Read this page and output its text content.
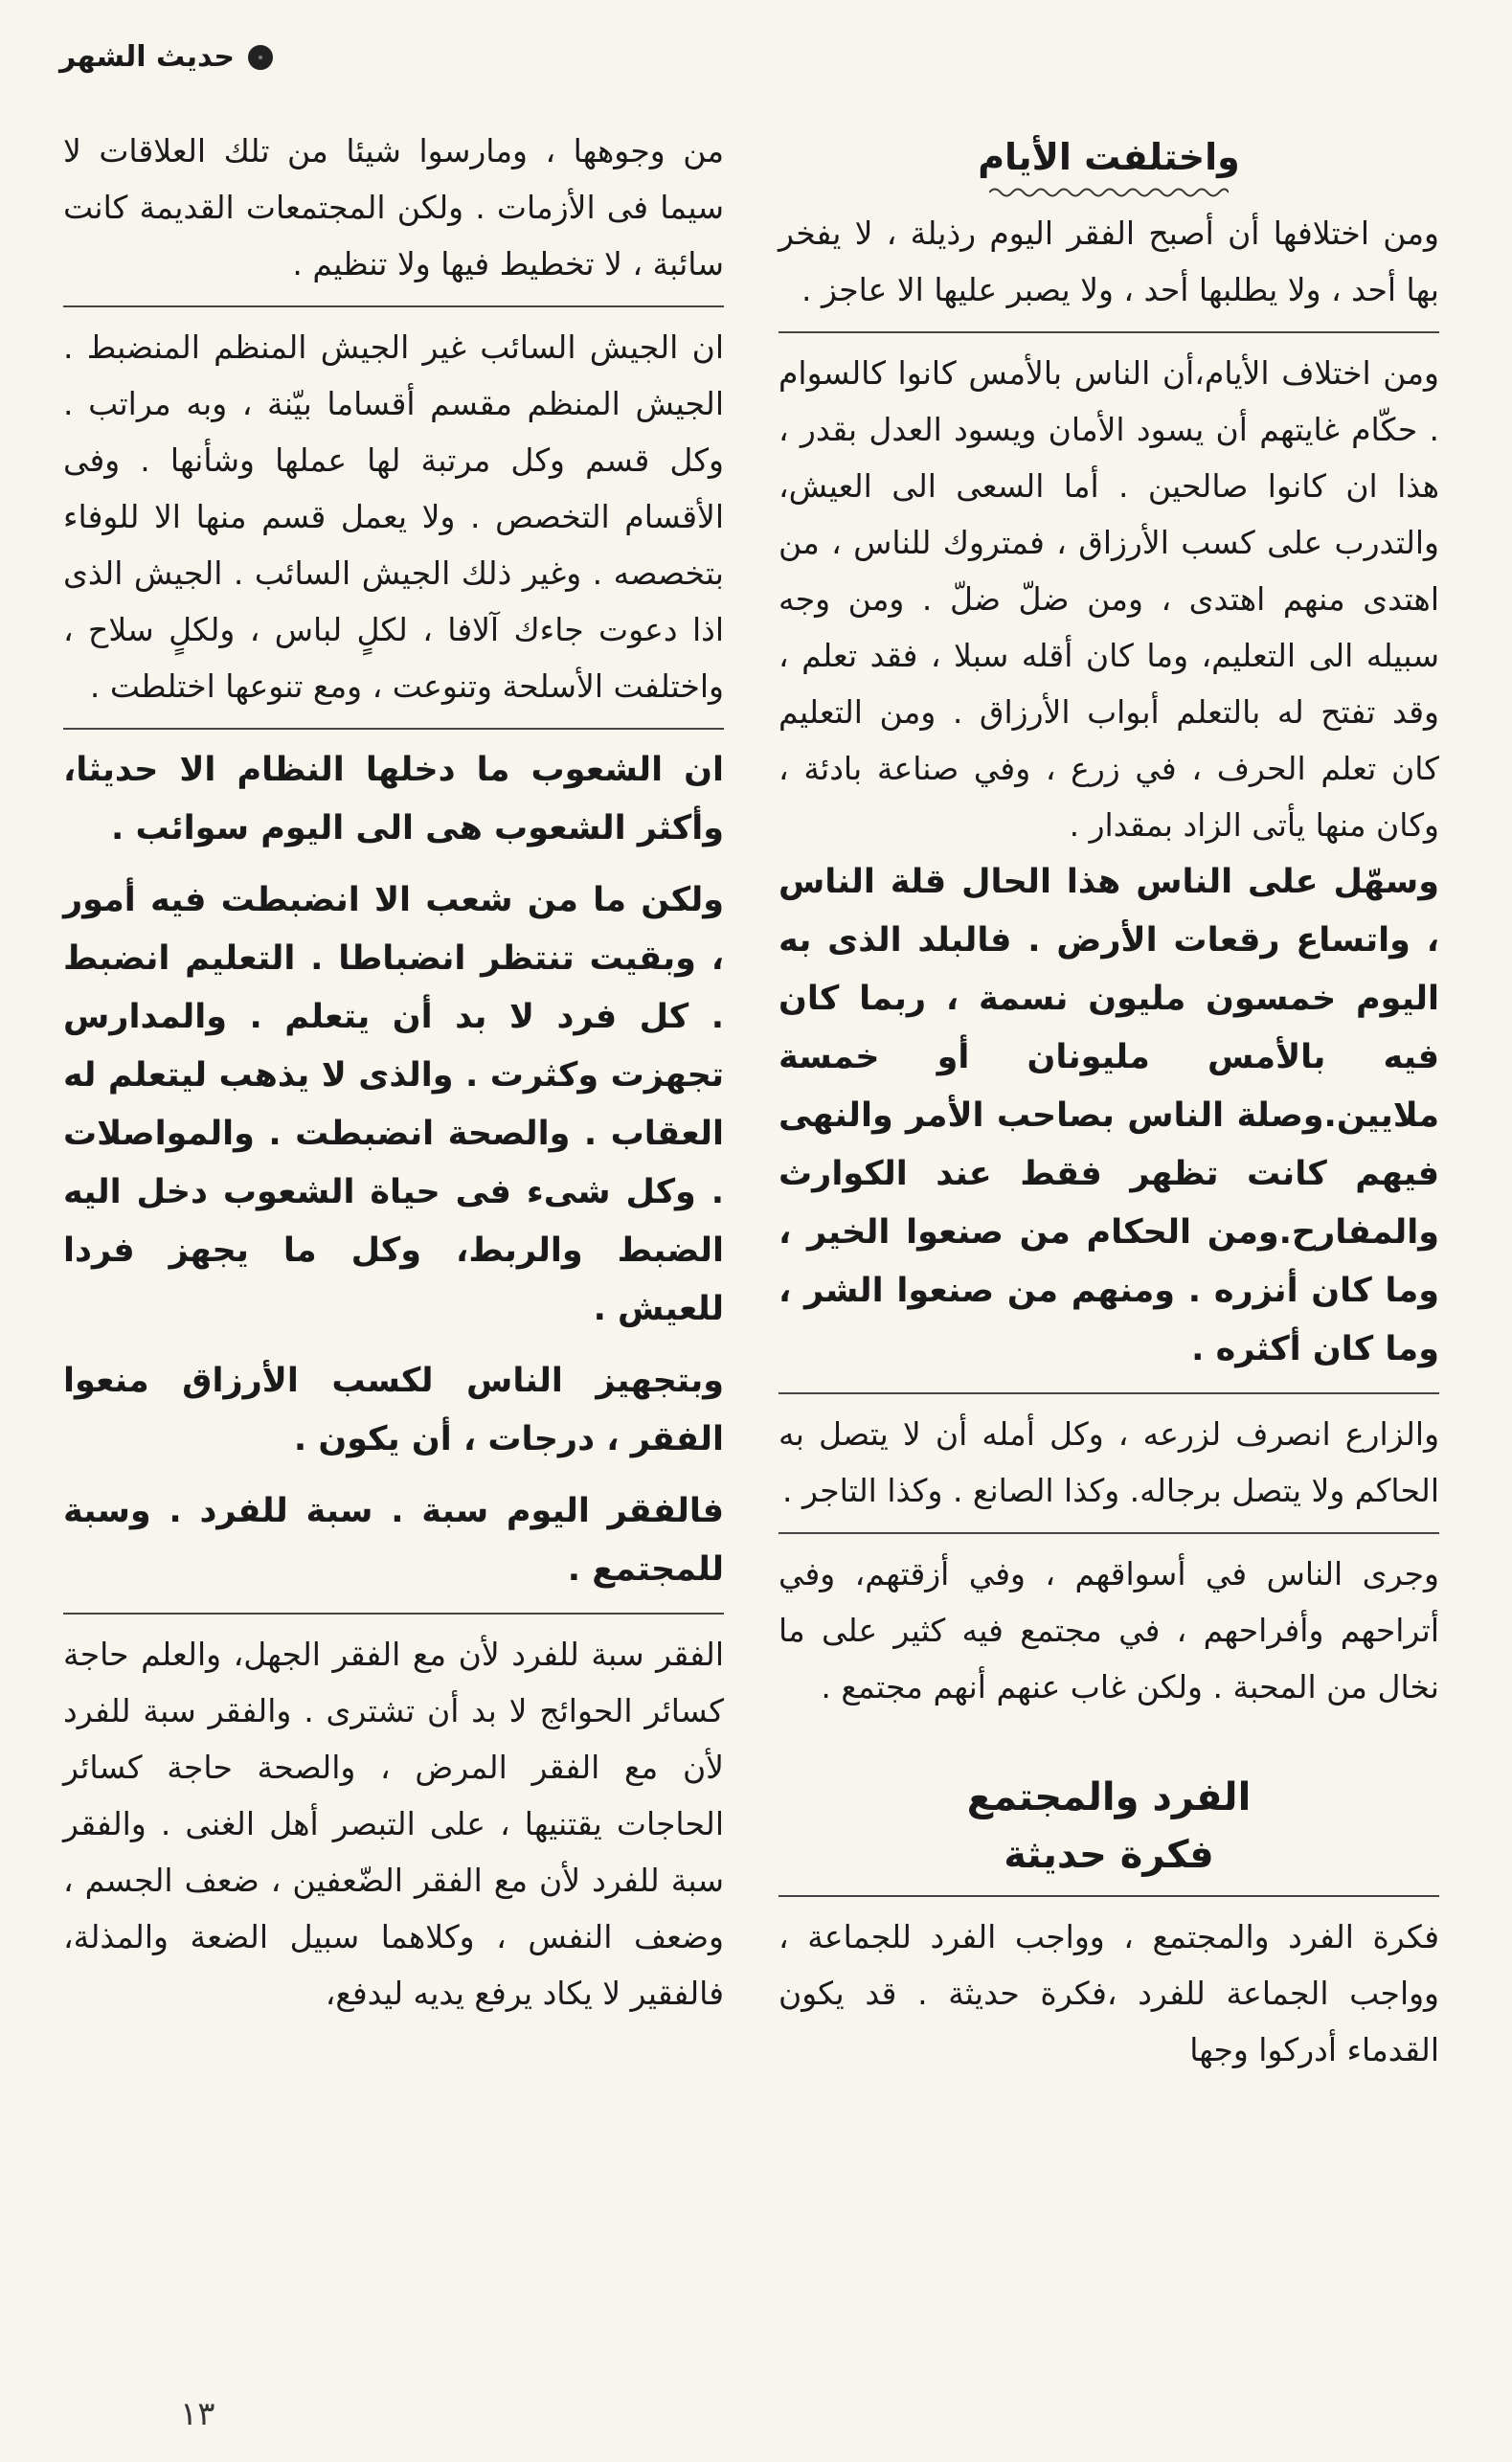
حديث الشهر
واختلفت الأيام

ومن اختلافها أن أصبح الفقر اليوم رذيلة ، لا يفخر بها أحد ، ولا يطلبها أحد ، ولا يصبر عليها الا عاجز .

ومن اختلاف الأيام،أن الناس بالأمس كانوا كالسوام . حكّام غايتهم أن يسود الأمان ويسود العدل بقدر ، هذا ان كانوا صالحين . أما السعى الى العيش، والتدرب على كسب الأرزاق ، فمتروك للناس ، من اهتدى منهم اهتدى ، ومن ضلّ ضلّ . ومن وجه سبيله الى التعليم، وما كان أقله سبلا ، فقد تعلم ، وقد تفتح له بالتعلم أبواب الأرزاق . ومن التعليم كان تعلم الحرف ، في زرع ، وفي صناعة بادئة ، وكان منها يأتى الزاد بمقدار .

وسهّل على الناس هذا الحال قلة الناس ، واتساع رقعات الأرض . فالبلد الذى به اليوم خمسون مليون نسمة ، ربما كان فيه بالأمس مليونان أو خمسة ملايين.وصلة الناس بصاحب الأمر والنهى فيهم كانت تظهر فقط عند الكوارث والمفارح.ومن الحكام من صنعوا الخير ، وما كان أنزره . ومنهم من صنعوا الشر ، وما كان أكثره .

والزارع انصرف لزرعه ، وكل أمله أن لا يتصل به الحاكم ولا يتصل برجاله. وكذا الصانع . وكذا التاجر .

وجرى الناس في أسواقهم ، وفي أزقتهم، وفي أتراحهم وأفراحهم ، في مجتمع فيه كثير على ما نخال من المحبة . ولكن غاب عنهم أنهم مجتمع .

الفرد والمجتمع
فكرة حديثة

فكرة الفرد والمجتمع ، وواجب الفرد للجماعة ، وواجب الجماعة للفرد ،فكرة حديثة . قد يكون القدماء أدركوا وجها

من وجوهها ، ومارسوا شيئا من تلك العلاقات لا سيما فى الأزمات . ولكن المجتمعات القديمة كانت سائبة ، لا تخطيط فيها ولا تنظيم .

ان الجيش السائب غير الجيش المنظم المنضبط . الجيش المنظم مقسم أقساما بيّنة ، وبه مراتب . وكل قسم وكل مرتبة لها عملها وشأنها . وفى الأقسام التخصص . ولا يعمل قسم منها الا للوفاء بتخصصه . وغير ذلك الجيش السائب . الجيش الذى اذا دعوت جاءك آلافا ، لكلٍ لباس ، ولكلٍ سلاح ، واختلفت الأسلحة وتنوعت ، ومع تنوعها اختلطت .

ان الشعوب ما دخلها النظام الا حديثا، وأكثر الشعوب هى الى اليوم سوائب .

ولكن ما من شعب الا انضبطت فيه أمور ، وبقيت تنتظر انضباطا . التعليم انضبط . كل فرد لا بد أن يتعلم . والمدارس تجهزت وكثرت . والذى لا يذهب ليتعلم له العقاب . والصحة انضبطت . والمواصلات . وكل شىء فى حياة الشعوب دخل اليه الضبط والربط، وكل ما يجهز فردا للعيش .

وبتجهيز الناس لكسب الأرزاق منعوا الفقر ، درجات ، أن يكون .

فالفقر اليوم سبة . سبة للفرد . وسبة للمجتمع .

الفقر سبة للفرد لأن مع الفقر الجهل، والعلم حاجة كسائر الحوائج لا بد أن تشترى . والفقر سبة للفرد لأن مع الفقر المرض ، والصحة حاجة كسائر الحاجات يقتنيها ، على التبصر أهل الغنى . والفقر سبة للفرد لأن مع الفقر الضّعفين ، ضعف الجسم ، وضعف النفس ، وكلاهما سبيل الضعة والمذلة، فالفقير لا يكاد يرفع يديه ليدفع،

١٣
